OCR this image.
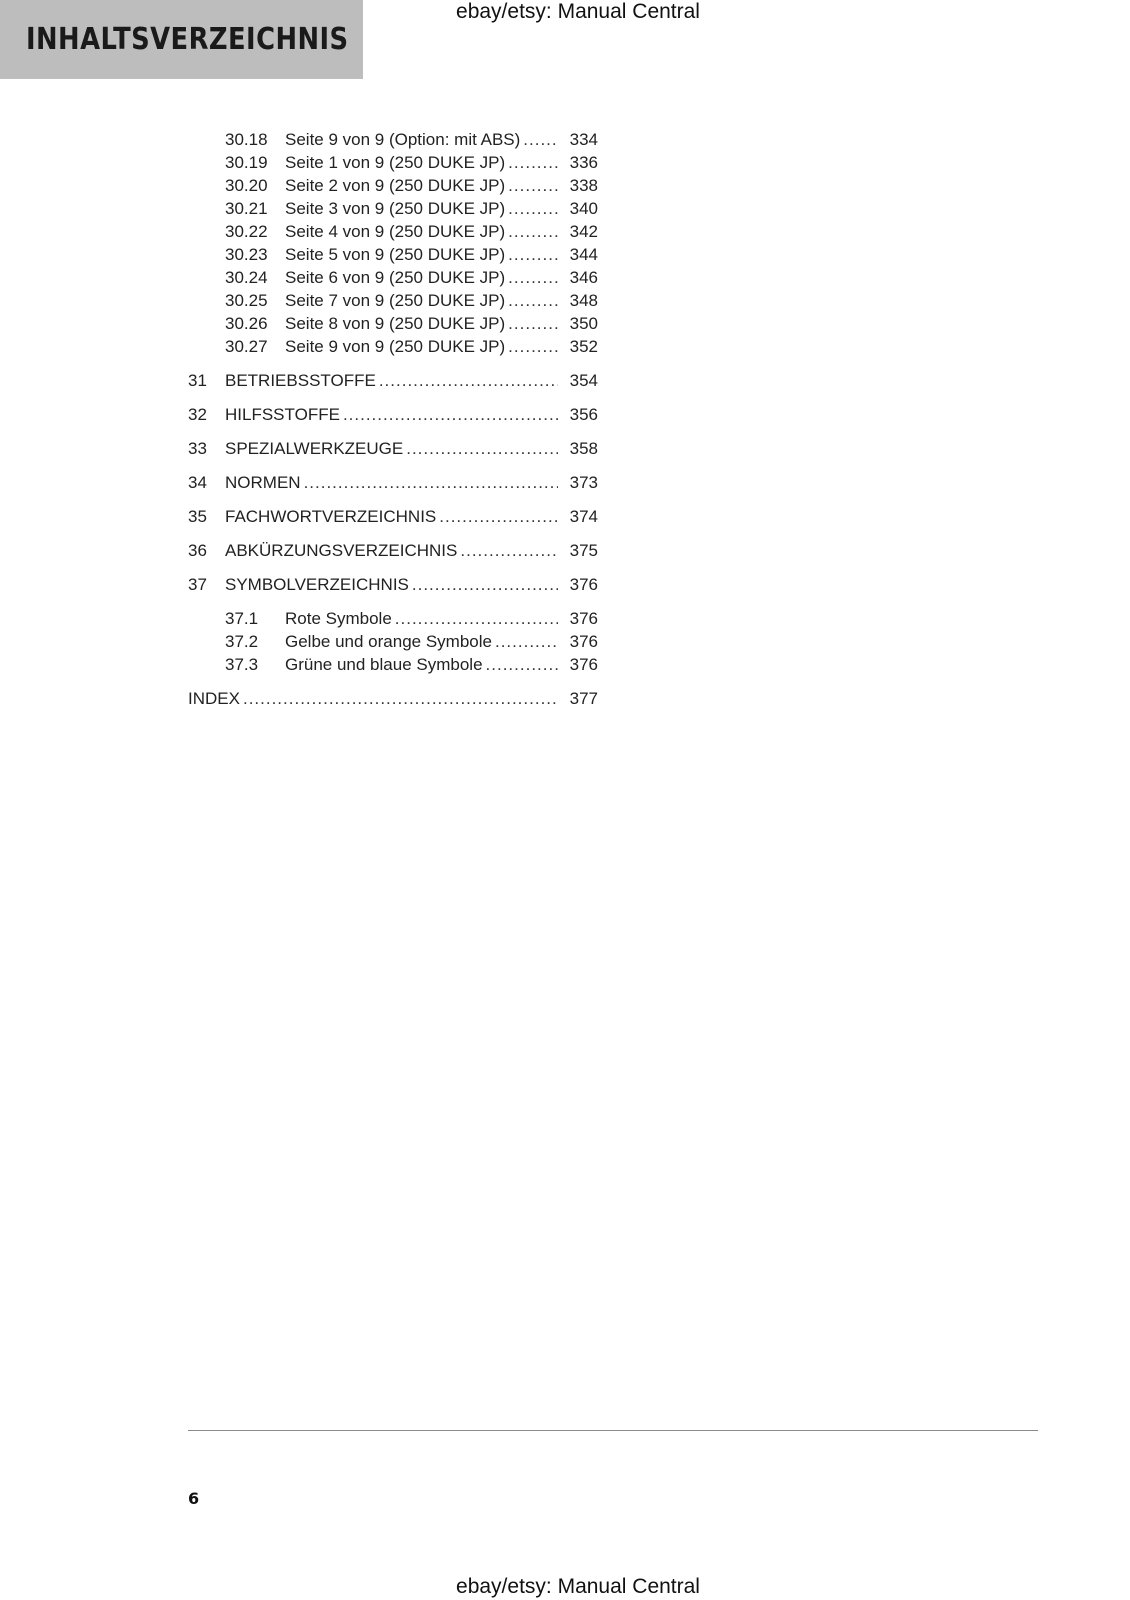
INHALTSVERZEICHNIS
ebay/etsy: Manual Central
30.18 Seite 9 von 9 (Option: mit ABS) .....	334
30.19 Seite 1 von 9 (250 DUKE JP) .....	336
30.20 Seite 2 von 9 (250 DUKE JP) .....	338
30.21 Seite 3 von 9 (250 DUKE JP) .....	340
30.22 Seite 4 von 9 (250 DUKE JP) .....	342
30.23 Seite 5 von 9 (250 DUKE JP) .....	344
30.24 Seite 6 von 9 (250 DUKE JP) .....	346
30.25 Seite 7 von 9 (250 DUKE JP) .....	348
30.26 Seite 8 von 9 (250 DUKE JP) .....	350
30.27 Seite 9 von 9 (250 DUKE JP) .....	352
31 BETRIEBSSTOFFE .....	354
32 HILFSSTOFFE .....	356
33 SPEZIALWERKZEUGE .....	358
34 NORMEN .....	373
35 FACHWORTVERZEICHNIS .....	374
36 ABKÜRZUNGSVERZEICHNIS .....	375
37 SYMBOLVERZEICHNIS .....	376
37.1 Rote Symbole .....	376
37.2 Gelbe und orange Symbole .....	376
37.3 Grüne und blaue Symbole .....	376
INDEX .....	377
6
ebay/etsy: Manual Central
